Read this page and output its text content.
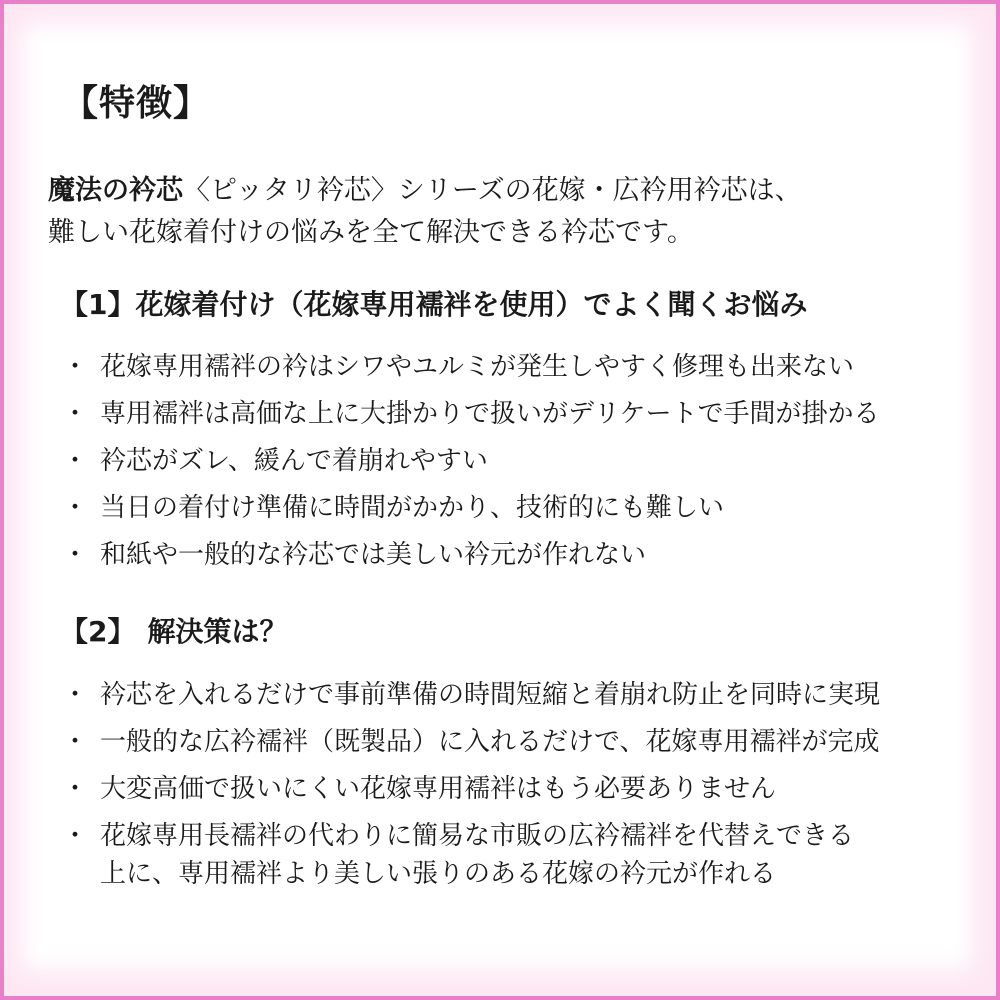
【特徴】
魔法の衿芯〈ピッタリ衿芯〉シリーズの花嫁・広衿用衿芯は、
難しい花嫁着付けの悩みを全て解決できる衿芯です。
【1】花嫁着付け（花嫁専用襦袢を使用）でよく聞くお悩み
・ 花嫁専用襦袢の衿はシワやユルミが発生しやすく修理も出来ない
・ 専用襦袢は高価な上に大掛かりで扱いがデリケートで手間が掛かる
・ 衿芯がズレ、緩んで着崩れやすい
・ 当日の着付け準備に時間がかかり、技術的にも難しい
・ 和紙や一般的な衿芯では美しい衿元が作れない
【2】 解決策は？
・ 衿芯を入れるだけで事前準備の時間短縮と着崩れ防止を同時に実現
・ 一般的な広衿襦袢（既製品）に入れるだけで、花嫁専用襦袢が完成
・ 大変高価で扱いにくい花嫁専用襦袢はもう必要ありません
・ 花嫁専用長襦袢の代わりに簡易な市販の広衿襦袢を代替えできる
上に、専用襦袢より美しい張りのある花嫁の衿元が作れる
